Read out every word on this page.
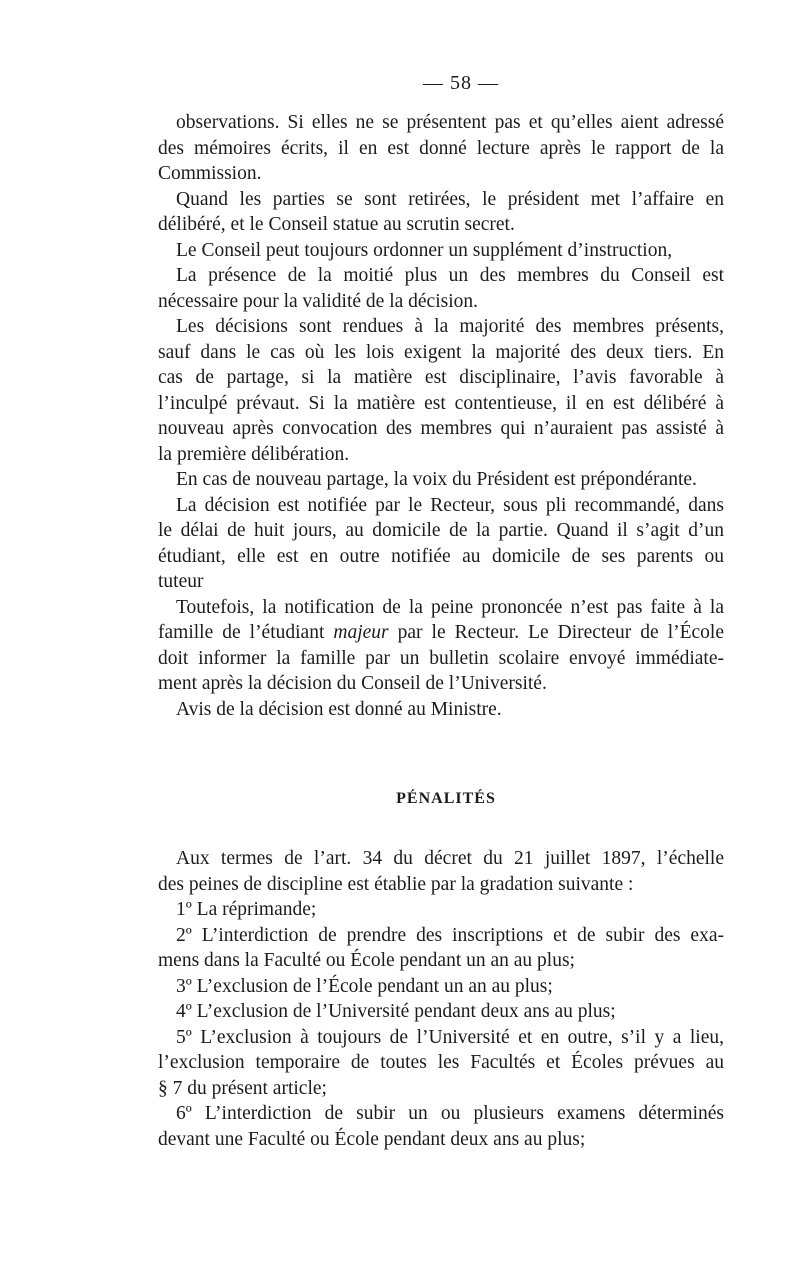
— 58 —
observations. Si elles ne se présentent pas et qu’elles aient adressé
des mémoires écrits, il en est donné lecture après le rapport de la
Commission.
Quand les parties se sont retirées, le président met l’affaire en
délibéré, et le Conseil statue au scrutin secret.
Le Conseil peut toujours ordonner un supplément d’instruction,
La présence de la moitié plus un des membres du Conseil est
nécessaire pour la validité de la décision.
Les décisions sont rendues à la majorité des membres présents,
sauf dans le cas où les lois exigent la majorité des deux tiers. En
cas de partage, si la matière est disciplinaire, l’avis favorable à
l’inculpé prévaut. Si la matière est contentieuse, il en est délibéré à
nouveau après convocation des membres qui n’auraient pas assisté à
la première délibération.
En cas de nouveau partage, la voix du Président est prépondérante.
La décision est notifiée par le Recteur, sous pli recommandé, dans
le délai de huit jours, au domicile de la partie. Quand il s’agit d’un
étudiant, elle est en outre notifiée au domicile de ses parents ou
tuteur
Toutefois, la notification de la peine prononcée n’est pas faite à la
famille de l’étudiant majeur par le Recteur. Le Directeur de l’École
doit informer la famille par un bulletin scolaire envoyé immédiate-
ment après la décision du Conseil de l’Université.
Avis de la décision est donné au Ministre.
PÉNALITÉS
Aux termes de l’art. 34 du décret du 21 juillet 1897, l’échelle
des peines de discipline est établie par la gradation suivante :
1º La réprimande;
2º L’interdiction de prendre des inscriptions et de subir des exa-
mens dans la Faculté ou École pendant un an au plus;
3º L’exclusion de l’École pendant un an au plus;
4º L’exclusion de l’Université pendant deux ans au plus;
5º L’exclusion à toujours de l’Université et en outre, s’il y a lieu,
l’exclusion temporaire de toutes les Facultés et Écoles prévues au
§ 7 du présent article;
6º L’interdiction de subir un ou plusieurs examens déterminés
devant une Faculté ou École pendant deux ans au plus;
